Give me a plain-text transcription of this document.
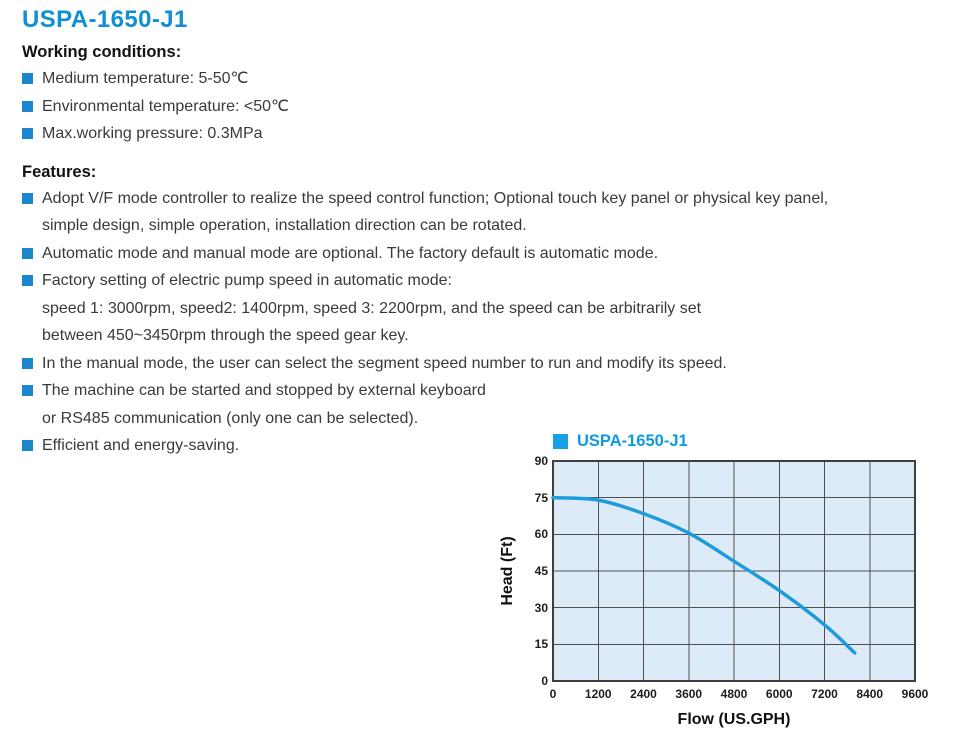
USPA-1650-J1
Working conditions:
Medium temperature: 5-50℃
Environmental temperature: <50℃
Max.working pressure: 0.3MPa
Features:
Adopt V/F mode controller to realize the speed control function; Optional touch key panel or physical key panel,
simple design, simple operation, installation direction can be rotated.
Automatic mode and manual mode are optional. The factory default is automatic mode.
Factory setting of electric pump speed in automatic mode:
speed 1: 3000rpm, speed2: 1400rpm, speed 3: 2200rpm, and the speed can be arbitrarily set
between 450~3450rpm through the speed gear key.
In the manual mode, the user can select the segment speed number to run and modify its speed.
The machine can be started and stopped by external keyboard
or RS485 communication (only one can be selected).
Efficient and energy-saving.	USPA-1650-J1
Head (Ft)
Flow (US.GPH)
0
15
30
45
60
75
90
0	1200	2400	3600	4800	6000	7200	8400	9600
